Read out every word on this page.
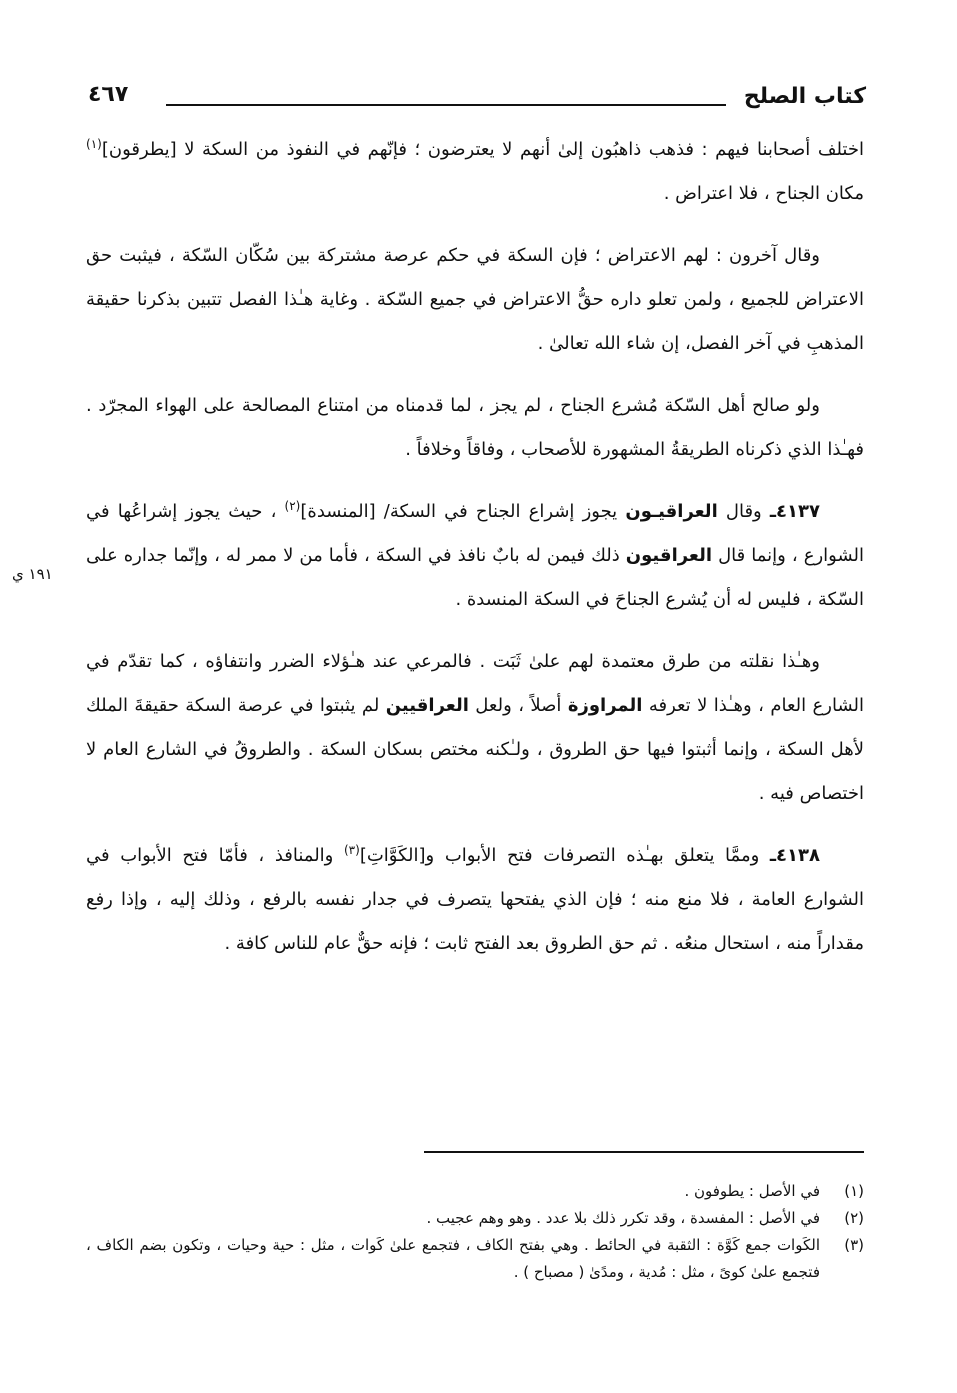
كتاب الصلح
٤٦٧
١٩١ ي

اختلف أصحابنا فيهم : فذهب ذاهبُون إلىٰ أنهم لا يعترضون ؛ فإنّهم في النفوذ من السكة لا [يطرقون]$^{(١)}$ مكان الجناح ، فلا اعتراض .

وقال آخرون : لهم الاعتراض ؛ فإن السكة في حكم عرصة مشتركة بين سُكّان السّكة ، فيثبت حق الاعتراض للجميع ، ولمن تعلو داره حقُّ الاعتراض في جميع السّكة . وغاية هـٰذا الفصل تتبين بذكرنا حقيقة المذهبِ في آخر الفصل، إن شاء الله تعالىٰ .

ولو صالح أهل السّكة مُشرع الجناح ، لم يجز ، لما قدمناه من امتناع المصالحة على الهواء المجرّد . فهـٰذا الذي ذكرناه الطريقةُ المشهورة للأصحاب ، وفاقاً وخلافاً .

٤١٣٧ـ وقال العراقيـون يجوز إشراع الجناح في السكة/ [المنسدة]$^{(٢)}$ ، حيث يجوز إشراعُها في الشوارع ، وإنما قال العراقيون ذلك فيمن له بابٌ نافذ في السكة ، فأما من لا ممر له ، وإنّما جداره على السّكة ، فليس له أن يُشرع الجناحَ في السكة المنسدة .

وهـٰذا نقلته من طرق معتمدة لهم علىٰ ثَبَت . فالمرعي عند هـٰؤلاء الضرر وانتفاؤه ، كما تقدّم في الشارع العام ، وهـٰذا لا تعرفه المراوزة أصلاً ، ولعل العراقيين لم يثبتوا في عرصة السكة حقيقةَ الملك لأهل السكة ، وإنما أثبتوا فيها حق الطروق ، ولـٰكنه مختص بسكان السكة . والطروقُ في الشارع العام لا اختصاص فيه .

٤١٣٨ـ وممَّا يتعلق بهـٰذه التصرفات فتح الأبواب و[الكَوَّاتِ]$^{(٣)}$ والمنافذ ، فأمّا فتح الأبواب في الشوارع العامة ، فلا منع منه ؛ فإن الذي يفتحها يتصرف في جدار نفسه بالرفع ، وذلك إليه ، وإذا رفع مقداراً منه ، استحال منعُه . ثم حق الطروق بعد الفتح ثابت ؛ فإنه حقٌّ عام للناس كافة .

(١)
في الأصل : يطوفون .

(٢)
في الأصل : المفسدة ، وقد تكرر ذلك بلا عدد . وهو وهم عجيب .

(٣)
الكَوات جمع كَوَّة : الثقبة في الحائط . وهي بفتح الكاف ، فتجمع علىٰ كَوات ، مثل : حية وحيات ، وتكون بضم الكاف ، فتجمع علىٰ كوىً ، مثل : مُدية ، ومدًىٰ ( مصباح ) .
